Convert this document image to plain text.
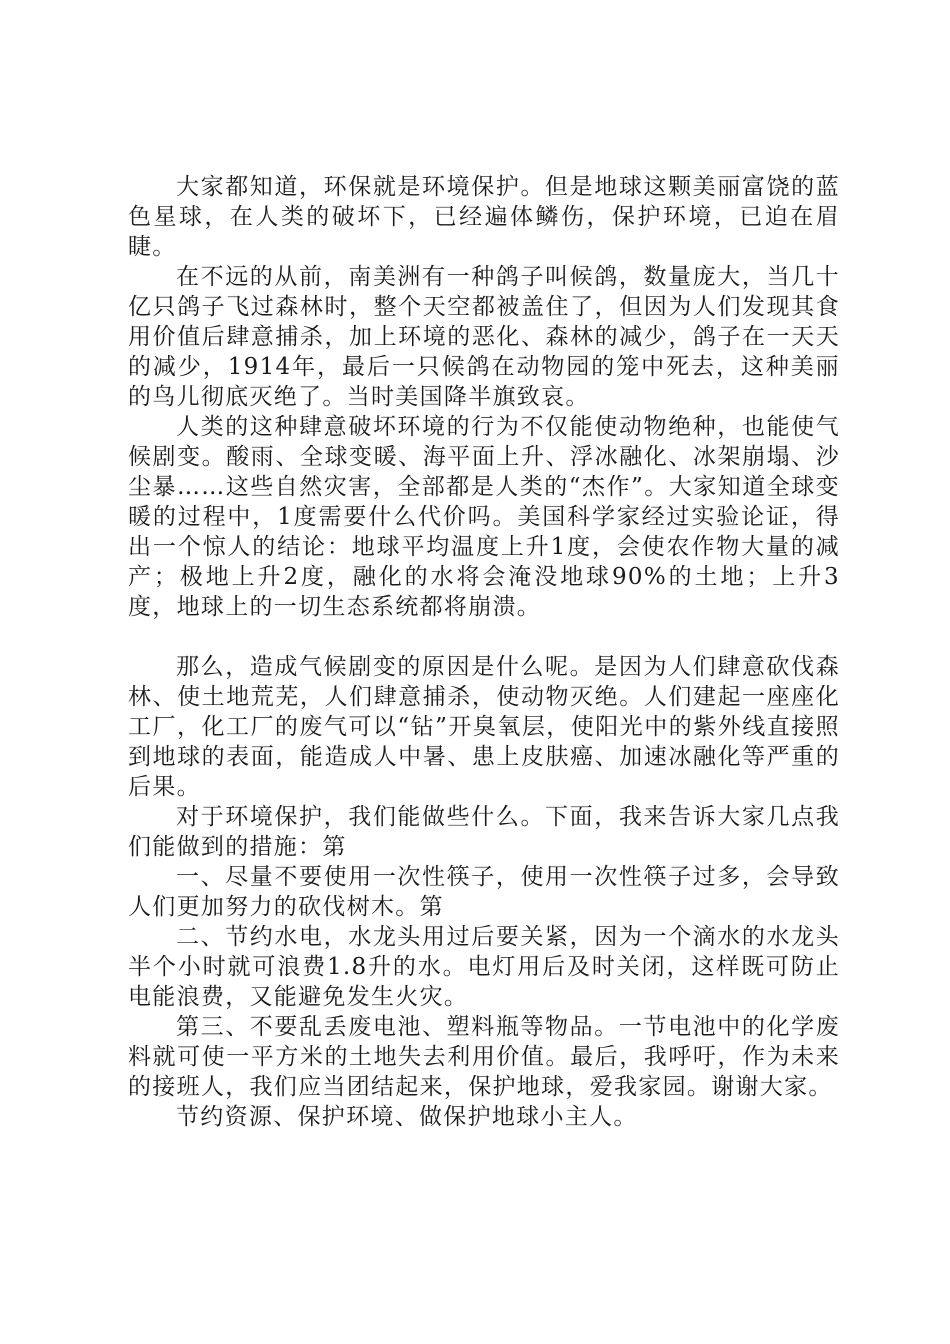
大家都知道，环保就是环境保护。但是地球这颗美丽富饶的蓝色星球，在人类的破坏下，已经遍体鳞伤，保护环境，已迫在眉睫。

在不远的从前，南美洲有一种鸽子叫候鸽，数量庞大，当几十亿只鸽子飞过森林时，整个天空都被盖住了，但因为人们发现其食用价值后肆意捕杀，加上环境的恶化、森林的减少，鸽子在一天天的减少，1914年，最后一只候鸽在动物园的笼中死去，这种美丽的鸟儿彻底灭绝了。当时美国降半旗致哀。

人类的这种肆意破坏环境的行为不仅能使动物绝种，也能使气候剧变。酸雨、全球变暖、海平面上升、浮冰融化、冰架崩塌、沙尘暴……这些自然灾害，全部都是人类的“杰作”。大家知道全球变暖的过程中，1度需要什么代价吗。美国科学家经过实验论证，得出一个惊人的结论：地球平均温度上升1度，会使农作物大量的减产；极地上升2度，融化的水将会淹没地球90%的土地；上升3度，地球上的一切生态系统都将崩溃。

那么，造成气候剧变的原因是什么呢。是因为人们肆意砍伐森林、使土地荒芜，人们肆意捕杀，使动物灭绝。人们建起一座座化工厂，化工厂的废气可以“钻”开臭氧层，使阳光中的紫外线直接照到地球的表面，能造成人中暑、患上皮肤癌、加速冰融化等严重的后果。

对于环境保护，我们能做些什么。下面，我来告诉大家几点我们能做到的措施：第

一、尽量不要使用一次性筷子，使用一次性筷子过多，会导致人们更加努力的砍伐树木。第

二、节约水电，水龙头用过后要关紧，因为一个滴水的水龙头半个小时就可浪费1.8升的水。电灯用后及时关闭，这样既可防止电能浪费，又能避免发生火灾。

第三、不要乱丢废电池、塑料瓶等物品。一节电池中的化学废料就可使一平方米的土地失去利用价值。最后，我呼吁，作为未来的接班人，我们应当团结起来，保护地球，爱我家园。谢谢大家。

节约资源、保护环境、做保护地球小主人。
